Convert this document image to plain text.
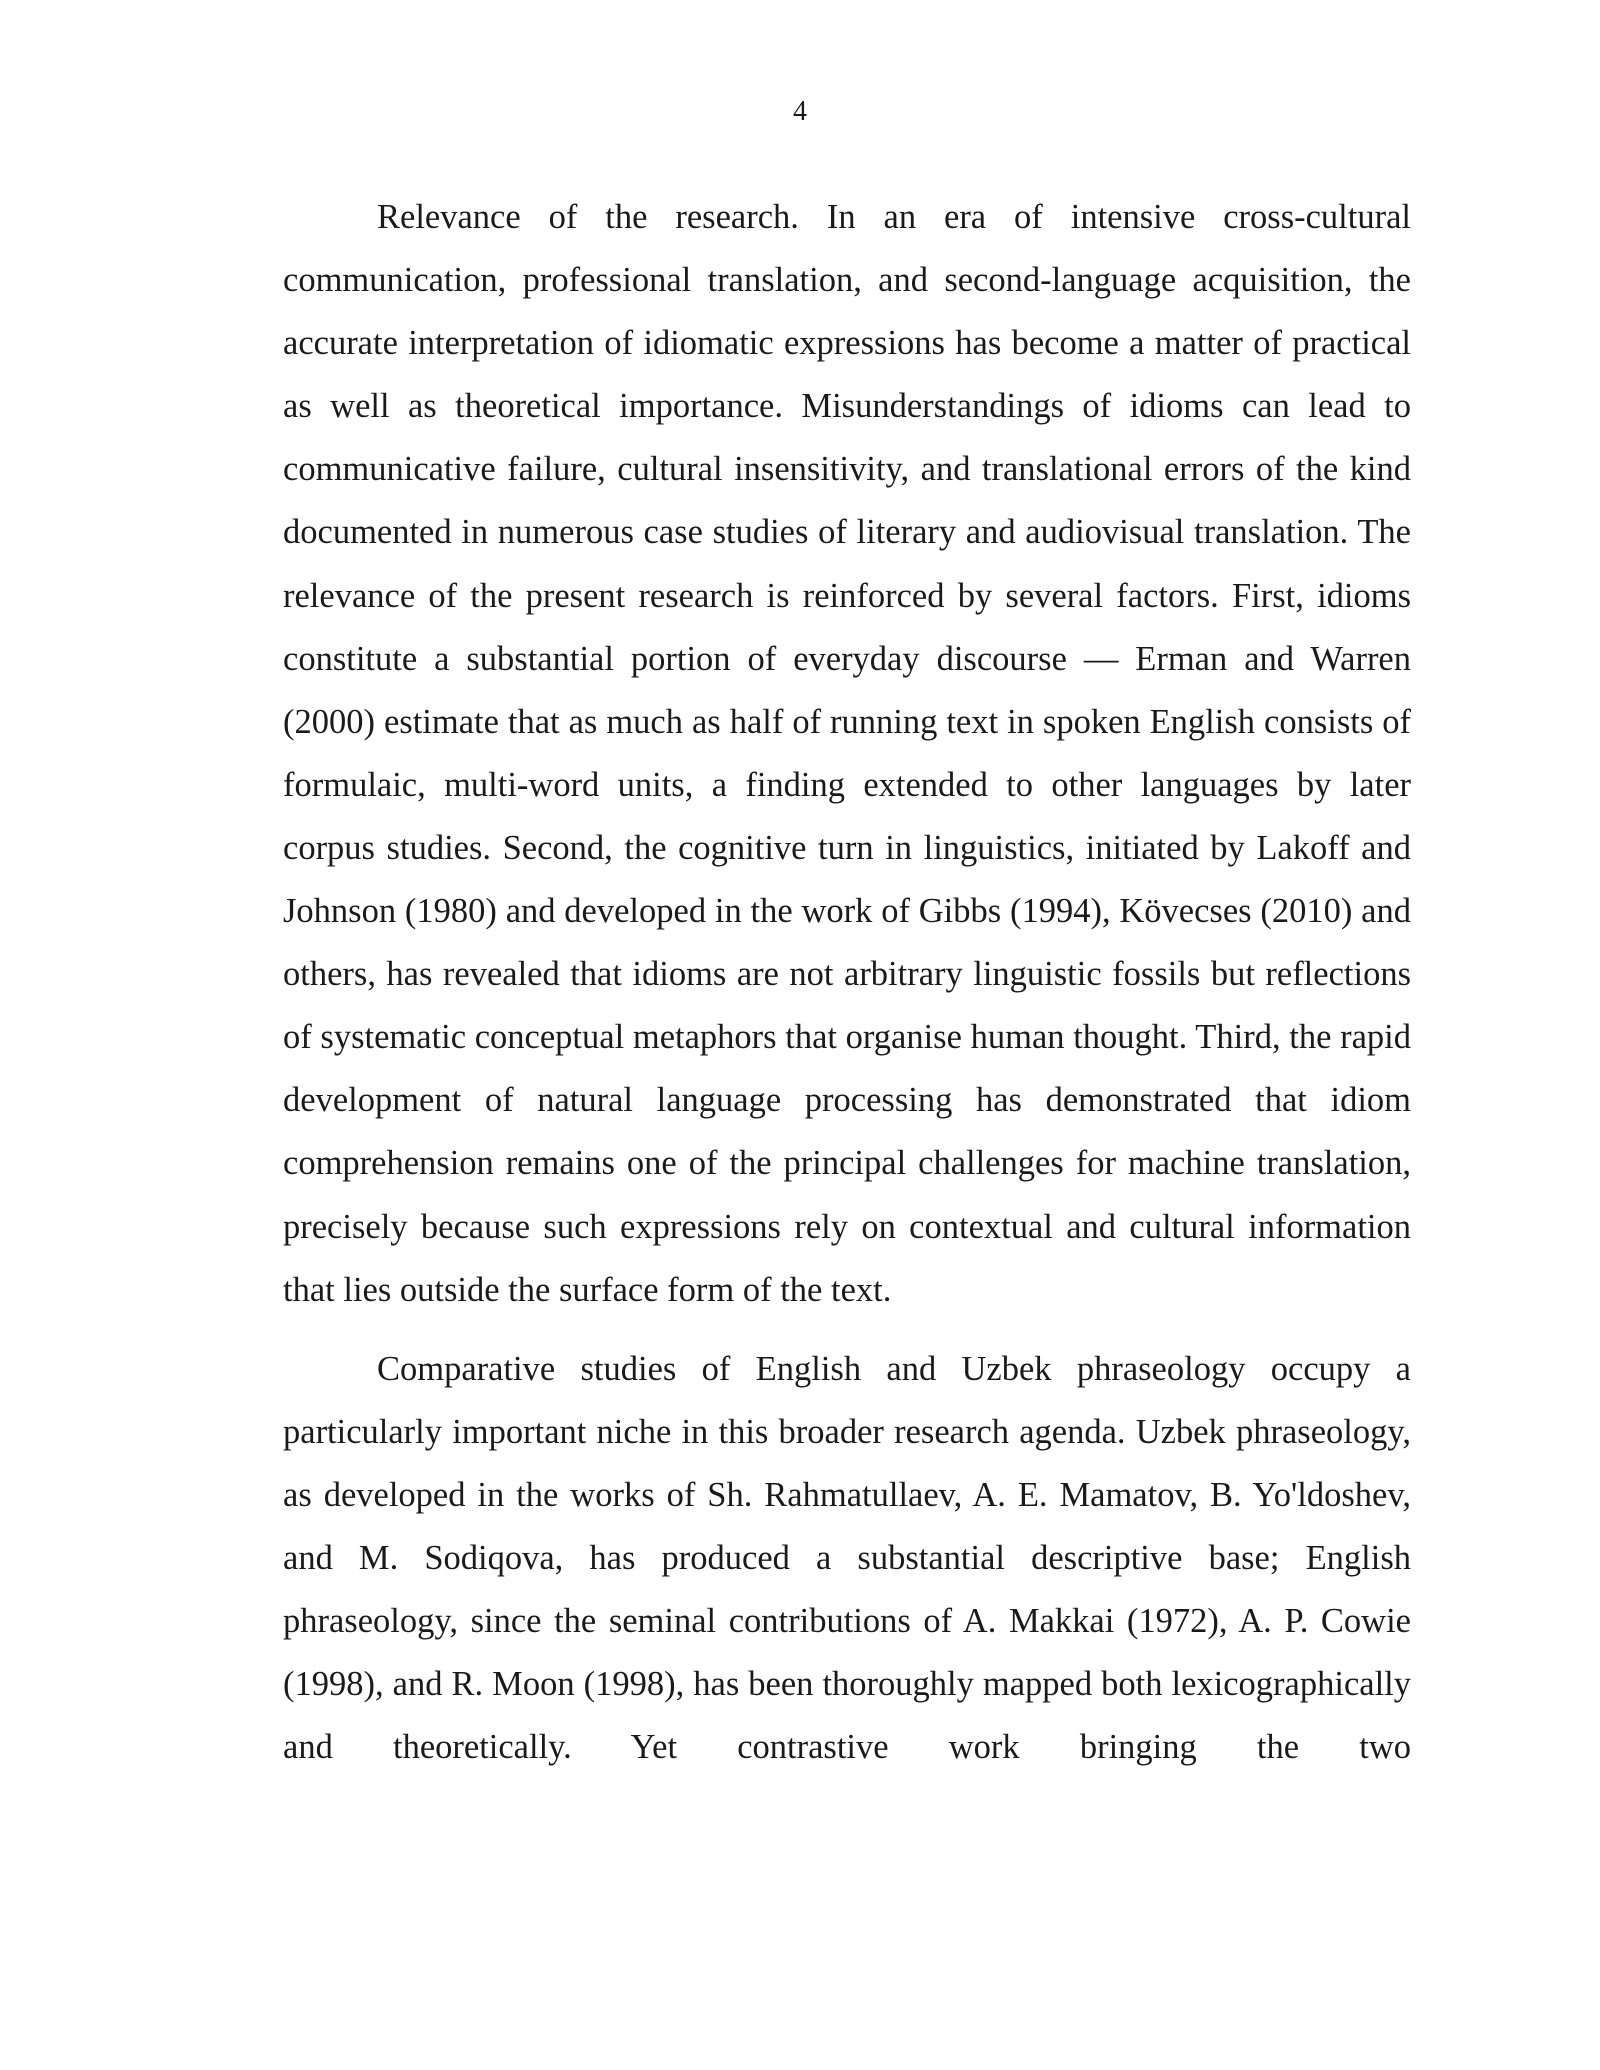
4

Relevance of the research. In an era of intensive cross-cultural communication, professional translation, and second-language acquisition, the accurate interpretation of idiomatic expressions has become a matter of practical as well as theoretical importance. Misunderstandings of idioms can lead to communicative failure, cultural insensitivity, and translational errors of the kind documented in numerous case studies of literary and audiovisual translation. The relevance of the present research is reinforced by several factors. First, idioms constitute a substantial portion of everyday discourse — Erman and Warren (2000) estimate that as much as half of running text in spoken English consists of formulaic, multi-word units, a finding extended to other languages by later corpus studies. Second, the cognitive turn in linguistics, initiated by Lakoff and Johnson (1980) and developed in the work of Gibbs (1994), Kövecses (2010) and others, has revealed that idioms are not arbitrary linguistic fossils but reflections of systematic conceptual metaphors that organise human thought. Third, the rapid development of natural language processing has demonstrated that idiom comprehension remains one of the principal challenges for machine translation, precisely because such expressions rely on contextual and cultural information that lies outside the surface form of the text.

Comparative studies of English and Uzbek phraseology occupy a particularly important niche in this broader research agenda. Uzbek phraseology, as developed in the works of Sh. Rahmatullaev, A. E. Mamatov, B. Yo'ldoshev, and M. Sodiqova, has produced a substantial descriptive base; English phraseology, since the seminal contributions of A. Makkai (1972), A. P. Cowie (1998), and R. Moon (1998), has been thoroughly mapped both lexicographically and theoretically. Yet contrastive work bringing the two
